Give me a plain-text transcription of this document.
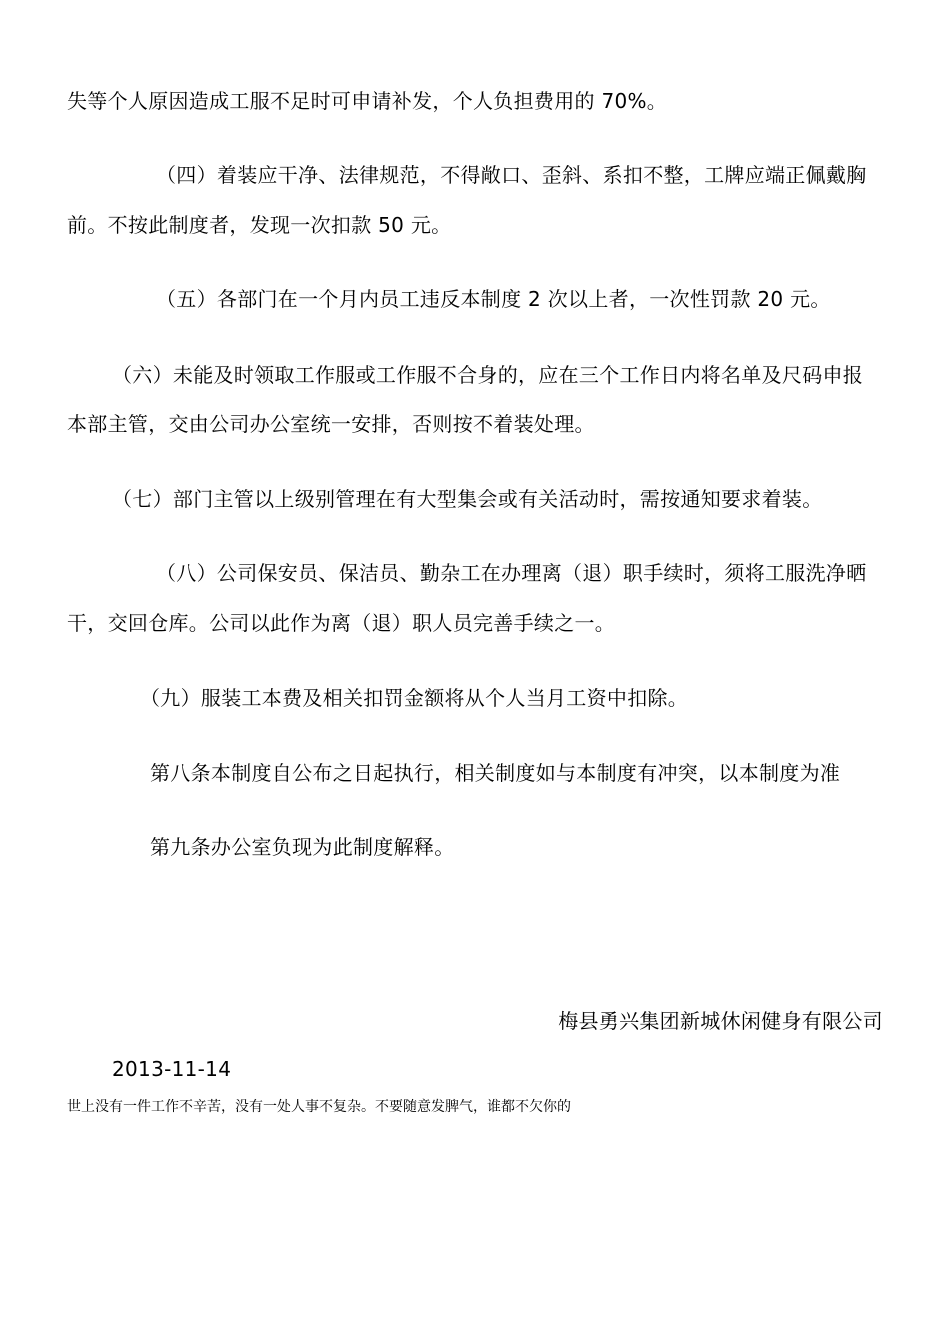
失等个人原因造成工服不足时可申请补发，个人负担费用的 70%。
（四）着装应干净、法律规范，不得敞口、歪斜、系扣不整，工牌应端正佩戴胸
前。不按此制度者，发现一次扣款 50 元。
（五）各部门在一个月内员工违反本制度 2 次以上者，一次性罚款 20 元。
（六）未能及时领取工作服或工作服不合身的，应在三个工作日内将名单及尺码申报
本部主管，交由公司办公室统一安排，否则按不着装处理。
（七）部门主管以上级别管理在有大型集会或有关活动时，需按通知要求着装。
（八）公司保安员、保洁员、勤杂工在办理离（退）职手续时，须将工服洗净晒
干，交回仓库。公司以此作为离（退）职人员完善手续之一。
（九）服装工本费及相关扣罚金额将从个人当月工资中扣除。
第八条本制度自公布之日起执行，相关制度如与本制度有冲突，以本制度为准
第九条办公室负现为此制度解释。
梅县勇兴集团新城休闲健身有限公司
2013-11-14
世上没有一件工作不辛苦，没有一处人事不复杂。不要随意发脾气，谁都不欠你的
